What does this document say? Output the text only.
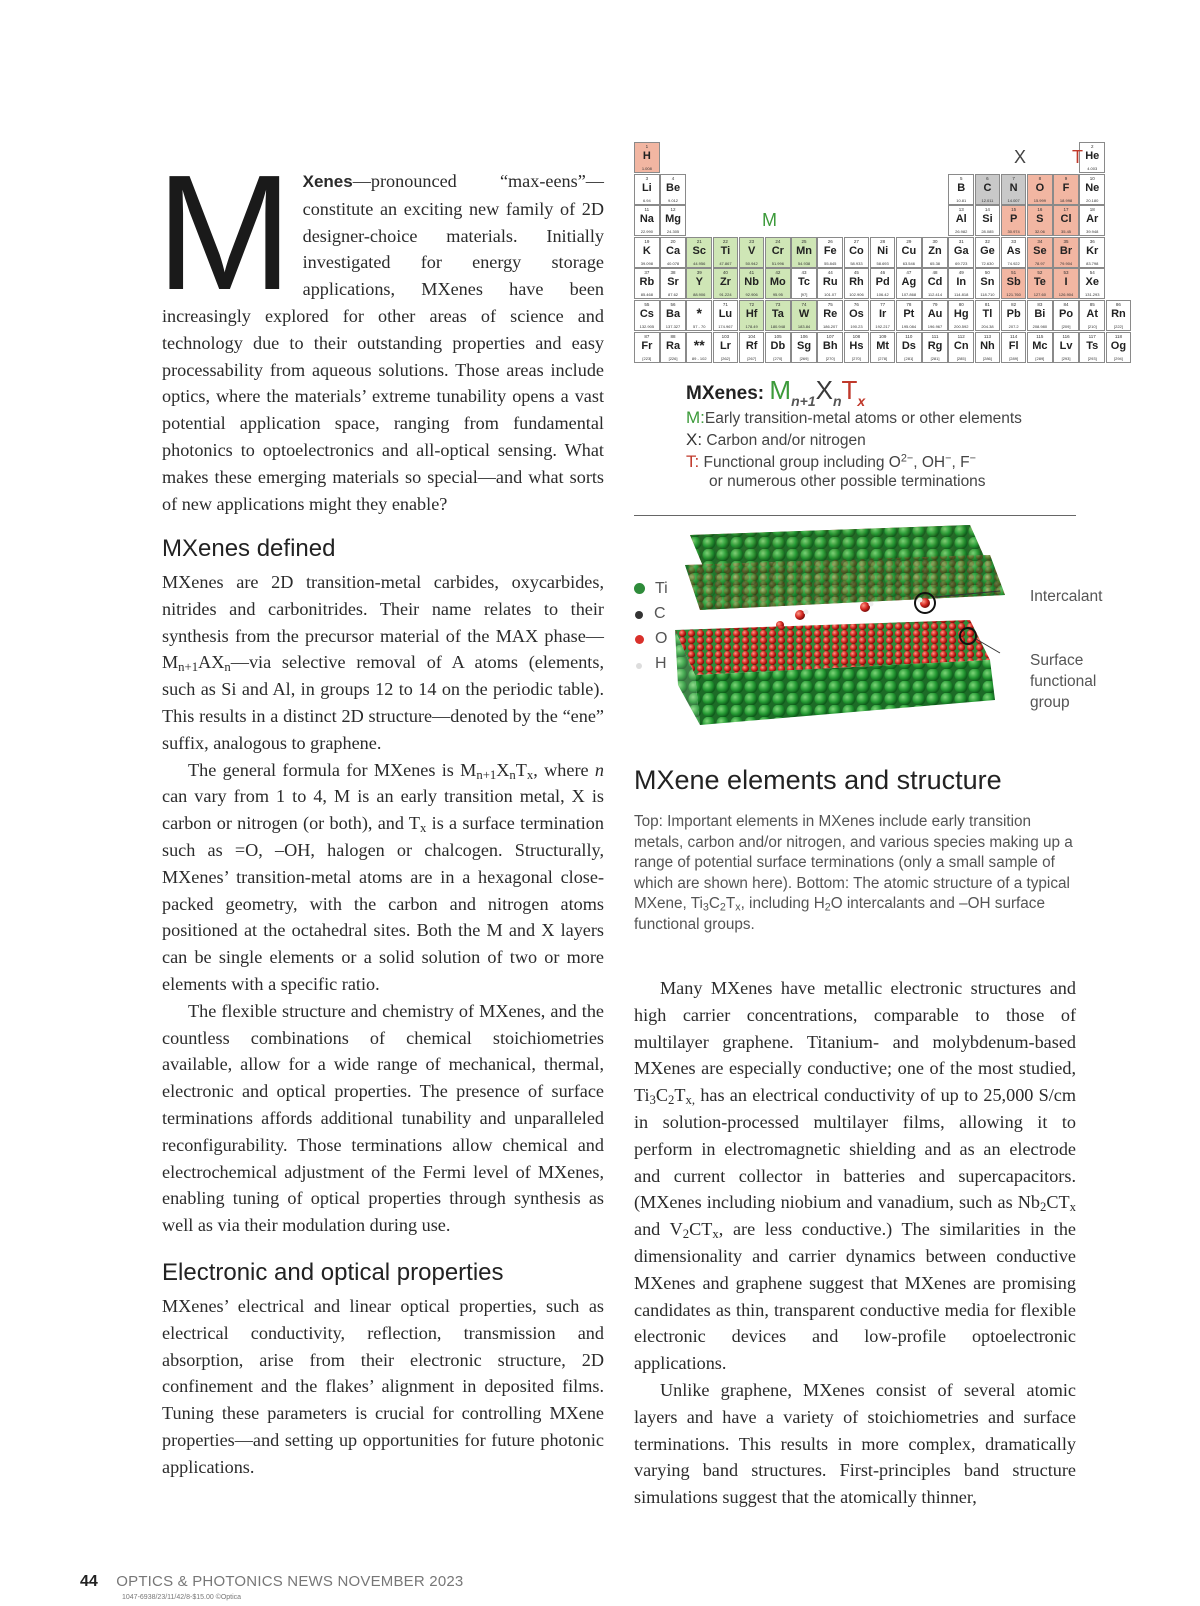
M Xenes—pronounced “max-eens”—constitute an exciting new family of 2D designer-choice materials. Initially investigated for energy storage applications, MXenes have been increasingly explored for other areas of science and technology due to their outstanding properties and easy processability from aqueous solutions. Those areas include optics, where the materials’ extreme tunability opens a vast potential application space, ranging from fundamental photonics to optoelectronics and all-optical sensing. What makes these emerging materials so special—and what sorts of new applications might they enable?

MXenes defined

MXenes are 2D transition-metal carbides, oxycarbides, nitrides and carbonitrides. Their name relates to their synthesis from the precursor material of the MAX $phase—M_{n+1}AX_n—via$ selective removal of A atoms (elements, such as Si and Al, in groups 12 to 14 on the periodic table). This results in a distinct 2D structure—denoted by the “ene” suffix, analogous to graphene.

The general formula for MXenes is $M_{n+1}X_nT_x$, where n can vary from 1 to 4, M is an early transition metal, X is carbon or nitrogen (or both), and $T_x$ is a surface termination such as =O, –OH, halogen or chalcogen. Structurally, MXenes’ transition-metal atoms are in a hexagonal close-packed geometry, with the carbon and nitrogen atoms positioned at the octahedral sites. Both the M and X layers can be single elements or a solid solution of two or more elements with a specific ratio.

The flexible structure and chemistry of MXenes, and the countless combinations of chemical stoichiometries available, allow for a wide range of mechanical, thermal, electronic and optical properties. The presence of surface terminations affords additional tunability and unparalleled reconfigurability. Those terminations allow chemical and electrochemical adjustment of the Fermi level of MXenes, enabling tuning of optical properties through synthesis as well as via their modulation during use.

Electronic and optical properties

MXenes’ electrical and linear optical properties, such as electrical conductivity, reflection, transmission and absorption, arise from their electronic structure, 2D confinement and the flakes’ alignment in deposited films. Tuning these parameters is crucial for controlling MXene properties—and setting up opportunities for future photonic applications.

1
H
1.008
2
He
4.003
3
Li
6.94
4
Be
9.012
5
B
10.81
6
C
12.011
7
N
14.007
8
O
15.999
9
F
18.998
10
Ne
20.180
11
Na
22.990
12
Mg
24.305
13
Al
26.982
14
Si
28.085
15
P
30.974
16
S
32.06
17
Cl
35.45
18
Ar
39.948
19
K
39.098
20
Ca
40.078
21
Sc
44.956
22
Ti
47.867
23
V
50.942
24
Cr
51.996
25
Mn
54.938
26
Fe
55.845
27
Co
58.933
28
Ni
58.693
29
Cu
63.546
30
Zn
65.38
31
Ga
69.723
32
Ge
72.630
33
As
74.922
34
Se
78.97
35
Br
79.904
36
Kr
83.798
37
Rb
85.468
38
Sr
87.62
39
Y
88.906
40
Zr
91.224
41
Nb
92.906
42
Mo
95.95
43
Tc
[97]
44
Ru
101.07
45
Rh
102.906
46
Pd
106.42
47
Ag
107.868
48
Cd
112.414
49
In
114.818
50
Sn
118.710
51
Sb
121.760
52
Te
127.60
53
I
126.904
54
Xe
131.293
55
Cs
132.905
56
Ba
137.327
*
57 - 70
71
Lu
174.967
72
Hf
178.49
73
Ta
180.948
74
W
183.84
75
Re
186.207
76
Os
190.23
77
Ir
192.217
78
Pt
195.084
79
Au
196.967
80
Hg
200.592
81
Tl
204.38
82
Pb
207.2
83
Bi
208.980
84
Po
[209]
85
At
[210]
86
Rn
[222]
87
Fr
[223]
88
Ra
[226]
**
89 - 102
103
Lr
[262]
104
Rf
[267]
105
Db
[270]
106
Sg
[269]
107
Bh
[270]
108
Hs
[270]
109
Mt
[278]
110
Ds
[281]
111
Rg
[281]
112
Cn
[285]
113
Nh
[286]
114
Fl
[289]
115
Mc
[289]
116
Lv
[293]
117
Ts
[293]
118
Og
[294]
X	T
M
MXenes: $M_{n+1}X_nT_x$
M:Early transition-metal atoms or other elements
X: Carbon and/or nitrogen
T: Functional group including $O^{2-}$, OH−, F−
or numerous other possible terminations
Ti
C
O
H
Intercalant
Surface functional group
MXene elements and structure

Top: Important elements in MXenes include early transition metals, carbon and/or nitrogen, and various species making up a range of potential surface terminations (only a small sample of which are shown here). Bottom: The atomic structure of a typical MXene, $Ti_3C_2T_x$, including $H_2O$ intercalants and –OH surface functional groups.

Many MXenes have metallic electronic structures and high carrier concentrations, comparable to those of multilayer graphene. Titanium- and molybdenum-based MXenes are especially conductive; one of the most studied, $Ti_3C_2T_{x,}$ has an electrical conductivity of up to 25,000 S/cm in solution-processed multilayer films, allowing it to perform in electromagnetic shielding and as an electrode and current collector in batteries and supercapacitors. (MXenes including niobium and vanadium, such as $Nb_2CT_x$ and $V_2CT_x$, are less conductive.) The similarities in the dimensionality and carrier dynamics between conductive MXenes and graphene suggest that MXenes are promising candidates as thin, transparent conductive media for flexible electronic devices and low-profile optoelectronic applications.

Unlike graphene, MXenes consist of several atomic layers and have a variety of stoichiometries and surface terminations. This results in more complex, dramatically varying band structures. First-principles band structure simulations suggest that the atomically thinner,

44 OPTICS & PHOTONICS NEWS NOVEMBER 2023
1047-6938/23/11/42/8-$15.00 ©Optica
